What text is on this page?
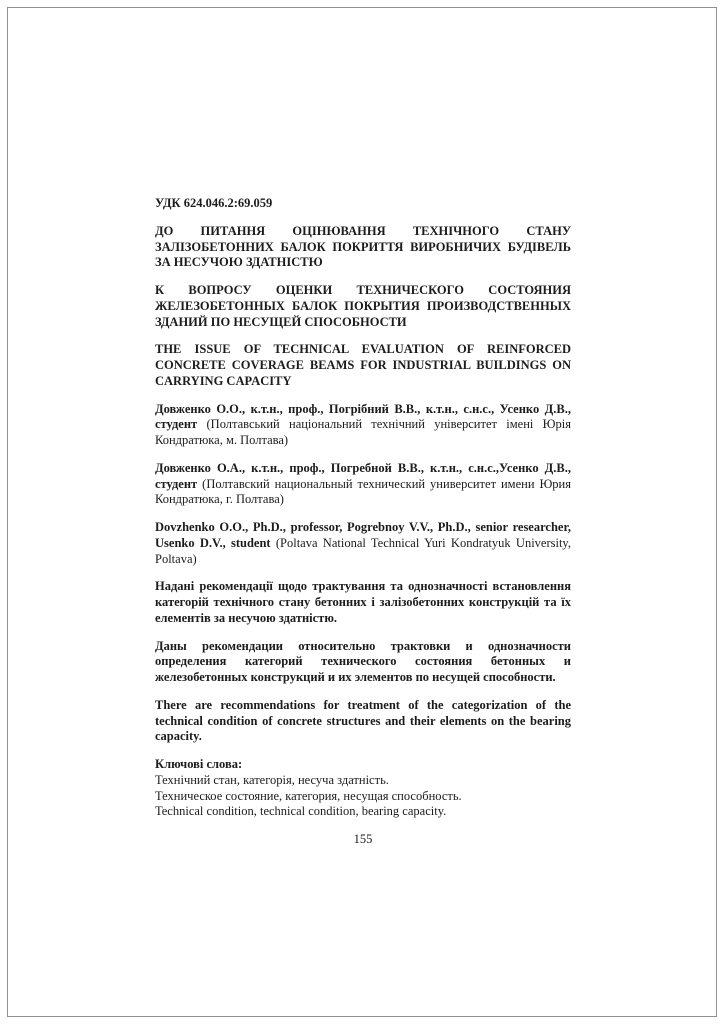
УДК 624.046.2:69.059

ДО ПИТАННЯ ОЦІНЮВАННЯ ТЕХНІЧНОГО СТАНУ ЗАЛІЗОБЕТОННИХ БАЛОК ПОКРИТТЯ ВИРОБНИЧИХ БУДІВЕЛЬ ЗА НЕСУЧОЮ ЗДАТНІСТЮ

К ВОПРОСУ ОЦЕНКИ ТЕХНИЧЕСКОГО СОСТОЯНИЯ ЖЕЛЕЗОБЕТОННЫХ БАЛОК ПОКРЫТИЯ ПРОИЗВОДСТВЕННЫХ ЗДАНИЙ ПО НЕСУЩЕЙ СПОСОБНОСТИ

THE ISSUE OF TECHNICAL EVALUATION OF REINFORCED CONCRETE COVERAGE BEAMS FOR INDUSTRIAL BUILDINGS ON CARRYING CAPACITY

Довженко О.О., к.т.н., проф., Погрібний В.В., к.т.н., с.н.с., Усенко Д.В., студент (Полтавський національний технічний університет імені Юрія Кондратюка, м. Полтава)

Довженко О.А., к.т.н., проф., Погребной В.В., к.т.н., с.н.с.,Усенко Д.В., студент (Полтавский национальный технический университет имени Юрия Кондратюка, г. Полтава)

Dovzhenko O.O., Ph.D., professor, Pogrebnoy V.V., Ph.D., senior researcher, Usenko D.V., student (Poltava National Technical Yuri Kondratyuk University, Poltava)

Надані рекомендації щодо трактування та однозначності встановлення категорій технічного стану бетонних і залізобетонних конструкцій та їх елементів за несучою здатністю.

Даны рекомендации относительно трактовки и однозначности определения категорий технического состояния бетонных и железобетонных конструкций и их элементов по несущей способности.

There are recommendations for treatment of the categorization of the technical condition of concrete structures and their elements on the bearing capacity.

Ключові слова:
Технічний стан, категорія, несуча здатність.
Техническое состояние, категория, несущая способность.
Technical condition, technical condition, bearing capacity.
155
